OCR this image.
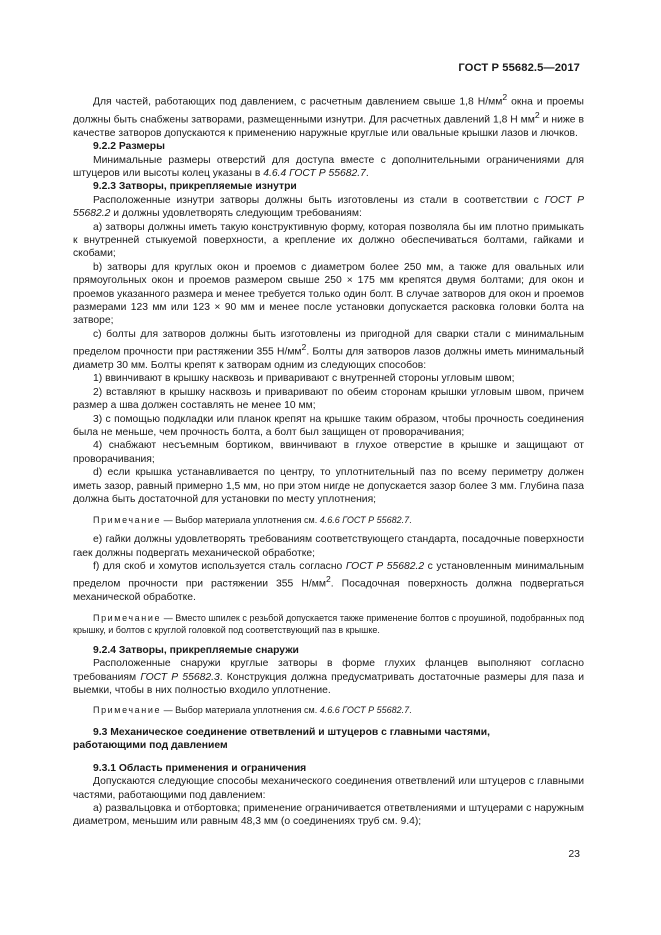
ГОСТ Р 55682.5—2017

Для частей, работающих под давлением, с расчетным давлением свыше 1,8 $Н/мм^2$ окна и проемы должны быть снабжены затворами, размещенными изнутри. Для расчетных давлений 1,8 Н $мм^2$ и ниже в качестве затворов допускаются к применению наружные круглые или овальные крышки лазов и лючков.

9.2.2 Размеры

Минимальные размеры отверстий для доступа вместе с дополнительными ограничениями для штуцеров или высоты колец указаны в 4.6.4 ГОСТ Р 55682.7.

9.2.3 Затворы, прикрепляемые изнутри

Расположенные изнутри затворы должны быть изготовлены из стали в соответствии с ГОСТ Р 55682.2 и должны удовлетворять следующим требованиям:

а) затворы должны иметь такую конструктивную форму, которая позволяла бы им плотно примыкать к внутренней стыкуемой поверхности, а крепление их должно обеспечиваться болтами, гайками и скобами;

b) затворы для круглых окон и проемов с диаметром более 250 мм, а также для овальных или прямоугольных окон и проемов размером свыше 250 × 175 мм крепятся двумя болтами; для окон и проемов указанного размера и менее требуется только один болт. В случае затворов для окон и проемов размерами 123 мм или 123 × 90 мм и менее после установки допускается расковка головки болта на затворе;

с) болты для затворов должны быть изготовлены из пригодной для сварки стали с минимальным пределом прочности при растяжении 355 $Н/мм^2$. Болты для затворов лазов должны иметь минимальный диаметр 30 мм. Болты крепят к затворам одним из следующих способов:

1) ввинчивают в крышку насквозь и приваривают с внутренней стороны угловым швом;

2) вставляют в крышку насквозь и приваривают по обеим сторонам крышки угловым швом, причем размер а шва должен составлять не менее 10 мм;

3) с помощью подкладки или планок крепят на крышке таким образом, чтобы прочность соединения была не меньше, чем прочность болта, а болт был защищен от проворачивания;

4) снабжают несъемным бортиком, ввинчивают в глухое отверстие в крышке и защищают от проворачивания;

d) если крышка устанавливается по центру, то уплотнительный паз по всему периметру должен иметь зазор, равный примерно 1,5 мм, но при этом нигде не допускается зазор более 3 мм. Глубина паза должна быть достаточной для установки по месту уплотнения;

Примечание — Выбор материала уплотнения см. 4.6.6 ГОСТ Р 55682.7.

е) гайки должны удовлетворять требованиям соответствующего стандарта, посадочные поверхности гаек должны подвергать механической обработке;

f) для скоб и хомутов используется сталь согласно ГОСТ Р 55682.2 с установленным минимальным пределом прочности при растяжении 355 $Н/мм^2$. Посадочная поверхность должна подвергаться механической обработке.

Примечание — Вместо шпилек с резьбой допускается также применение болтов с проушиной, подобранных под крышку, и болтов с круглой головкой под соответствующий паз в крышке.

9.2.4 Затворы, прикрепляемые снаружи

Расположенные снаружи круглые затворы в форме глухих фланцев выполняют согласно требованиям ГОСТ Р 55682.3. Конструкция должна предусматривать достаточные размеры для паза и выемки, чтобы в них полностью входило уплотнение.

Примечание — Выбор материала уплотнения см. 4.6.6 ГОСТ Р 55682.7.

9.3 Механическое соединение ответвлений и штуцеров с главными частями,
работающими под давлением

9.3.1 Область применения и ограничения

Допускаются следующие способы механического соединения ответвлений или штуцеров с главными частями, работающими под давлением:

а) развальцовка и отбортовка; применение ограничивается ответвлениями и штуцерами с наружным диаметром, меньшим или равным 48,3 мм (о соединениях труб см. 9.4);

23
